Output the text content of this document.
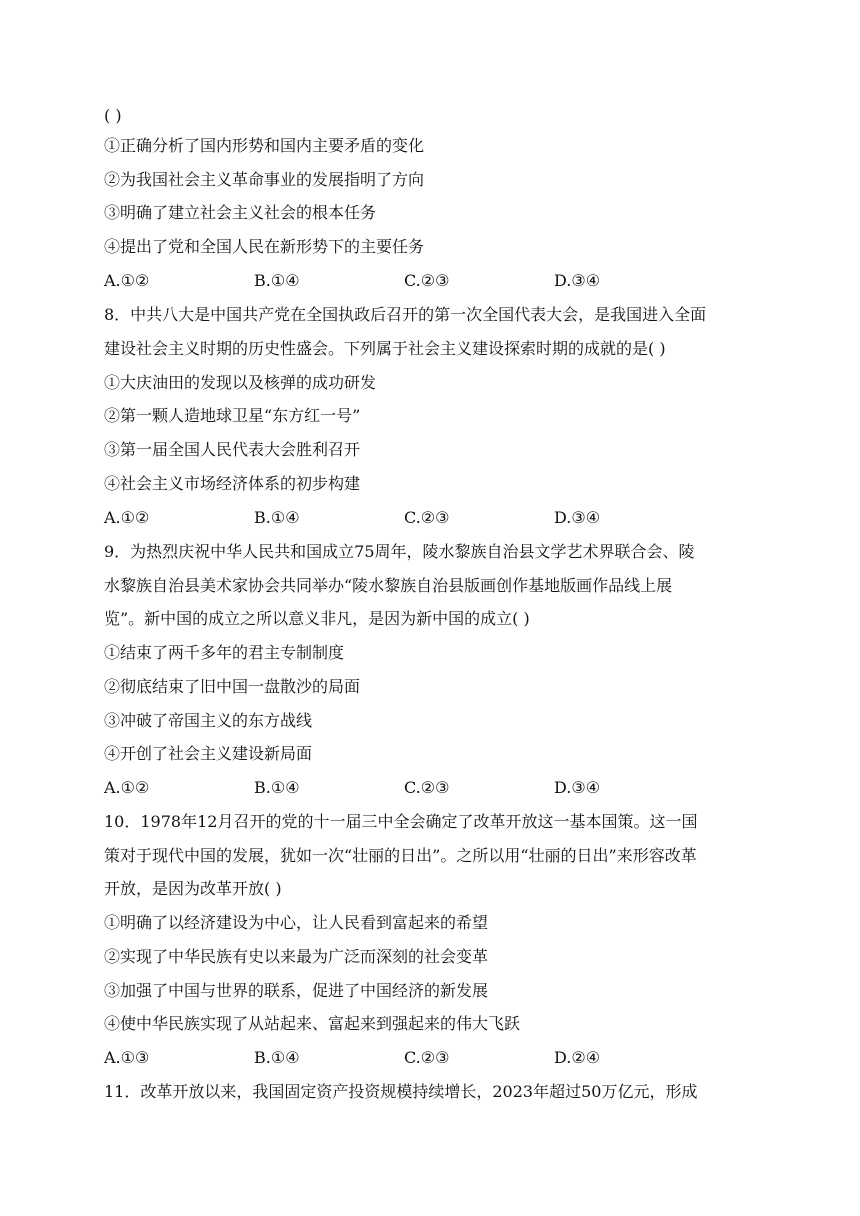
( )
①正确分析了国内形势和国内主要矛盾的变化
②为我国社会主义革命事业的发展指明了方向
③明确了建立社会主义社会的根本任务
④提出了党和全国人民在新形势下的主要任务
A.①②	B.①④	C.②③	D.③④
8．中共八大是中国共产党在全国执政后召开的第一次全国代表大会，是我国进入全面
建设社会主义时期的历史性盛会。下列属于社会主义建设探索时期的成就的是( )
①大庆油田的发现以及核弹的成功研发
②第一颗人造地球卫星“东方红一号”
③第一届全国人民代表大会胜利召开
④社会主义市场经济体系的初步构建
A.①②	B.①④	C.②③	D.③④
9．为热烈庆祝中华人民共和国成立75周年，陵水黎族自治县文学艺术界联合会、陵
水黎族自治县美术家协会共同举办“陵水黎族自治县版画创作基地版画作品线上展
览”。新中国的成立之所以意义非凡，是因为新中国的成立( )
①结束了两千多年的君主专制制度
②彻底结束了旧中国一盘散沙的局面
③冲破了帝国主义的东方战线
④开创了社会主义建设新局面
A.①②	B.①④	C.②③	D.③④
10．1978年12月召开的党的十一届三中全会确定了改革开放这一基本国策。这一国
策对于现代中国的发展，犹如一次“壮丽的日出”。之所以用“壮丽的日出”来形容改革
开放，是因为改革开放( )
①明确了以经济建设为中心，让人民看到富起来的希望
②实现了中华民族有史以来最为广泛而深刻的社会变革
③加强了中国与世界的联系，促进了中国经济的新发展
④使中华民族实现了从站起来、富起来到强起来的伟大飞跃
A.①③	B.①④	C.②③	D.②④
11．改革开放以来，我国固定资产投资规模持续增长，2023年超过50万亿元，形成
